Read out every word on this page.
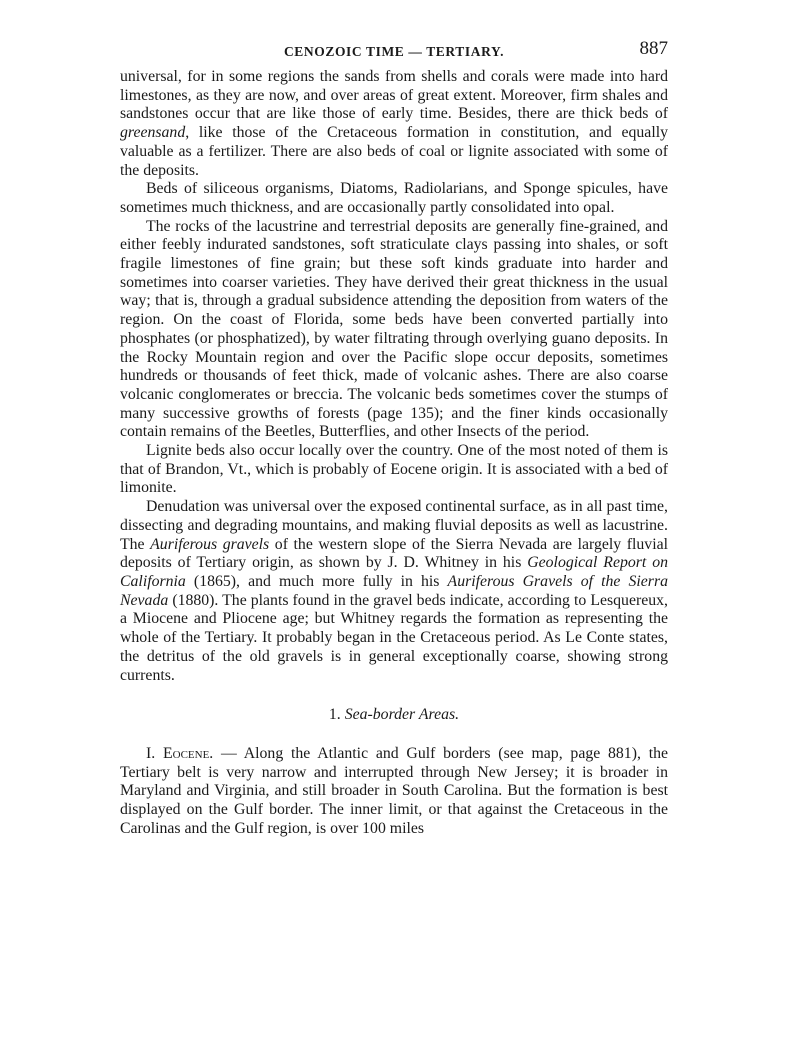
CENOZOIC TIME — TERTIARY.	887

universal, for in some regions the sands from shells and corals were made into hard limestones, as they are now, and over areas of great extent. Moreover, firm shales and sandstones occur that are like those of early time. Besides, there are thick beds of greensand, like those of the Cretaceous formation in constitution, and equally valuable as a fertilizer. There are also beds of coal or lignite associated with some of the deposits.

Beds of siliceous organisms, Diatoms, Radiolarians, and Sponge spicules, have sometimes much thickness, and are occasionally partly consolidated into opal.

The rocks of the lacustrine and terrestrial deposits are generally fine-grained, and either feebly indurated sandstones, soft straticulate clays passing into shales, or soft fragile limestones of fine grain; but these soft kinds graduate into harder and sometimes into coarser varieties. They have derived their great thickness in the usual way; that is, through a gradual subsidence attending the deposition from waters of the region. On the coast of Florida, some beds have been converted partially into phosphates (or phosphatized), by water filtrating through overlying guano deposits. In the Rocky Mountain region and over the Pacific slope occur deposits, sometimes hundreds or thousands of feet thick, made of volcanic ashes. There are also coarse volcanic conglomerates or breccia. The volcanic beds sometimes cover the stumps of many successive growths of forests (page 135); and the finer kinds occasionally contain remains of the Beetles, Butterflies, and other Insects of the period.

Lignite beds also occur locally over the country. One of the most noted of them is that of Brandon, Vt., which is probably of Eocene origin. It is associated with a bed of limonite.

Denudation was universal over the exposed continental surface, as in all past time, dissecting and degrading mountains, and making fluvial deposits as well as lacustrine. The Auriferous gravels of the western slope of the Sierra Nevada are largely fluvial deposits of Tertiary origin, as shown by J. D. Whitney in his Geological Report on California (1865), and much more fully in his Auriferous Gravels of the Sierra Nevada (1880). The plants found in the gravel beds indicate, according to Lesquereux, a Miocene and Pliocene age; but Whitney regards the formation as representing the whole of the Tertiary. It probably began in the Cretaceous period. As Le Conte states, the detritus of the old gravels is in general exceptionally coarse, showing strong currents.

1. Sea-border Areas.

I. Eocene. — Along the Atlantic and Gulf borders (see map, page 881), the Tertiary belt is very narrow and interrupted through New Jersey; it is broader in Maryland and Virginia, and still broader in South Carolina. But the formation is best displayed on the Gulf border. The inner limit, or that against the Cretaceous in the Carolinas and the Gulf region, is over 100 miles
